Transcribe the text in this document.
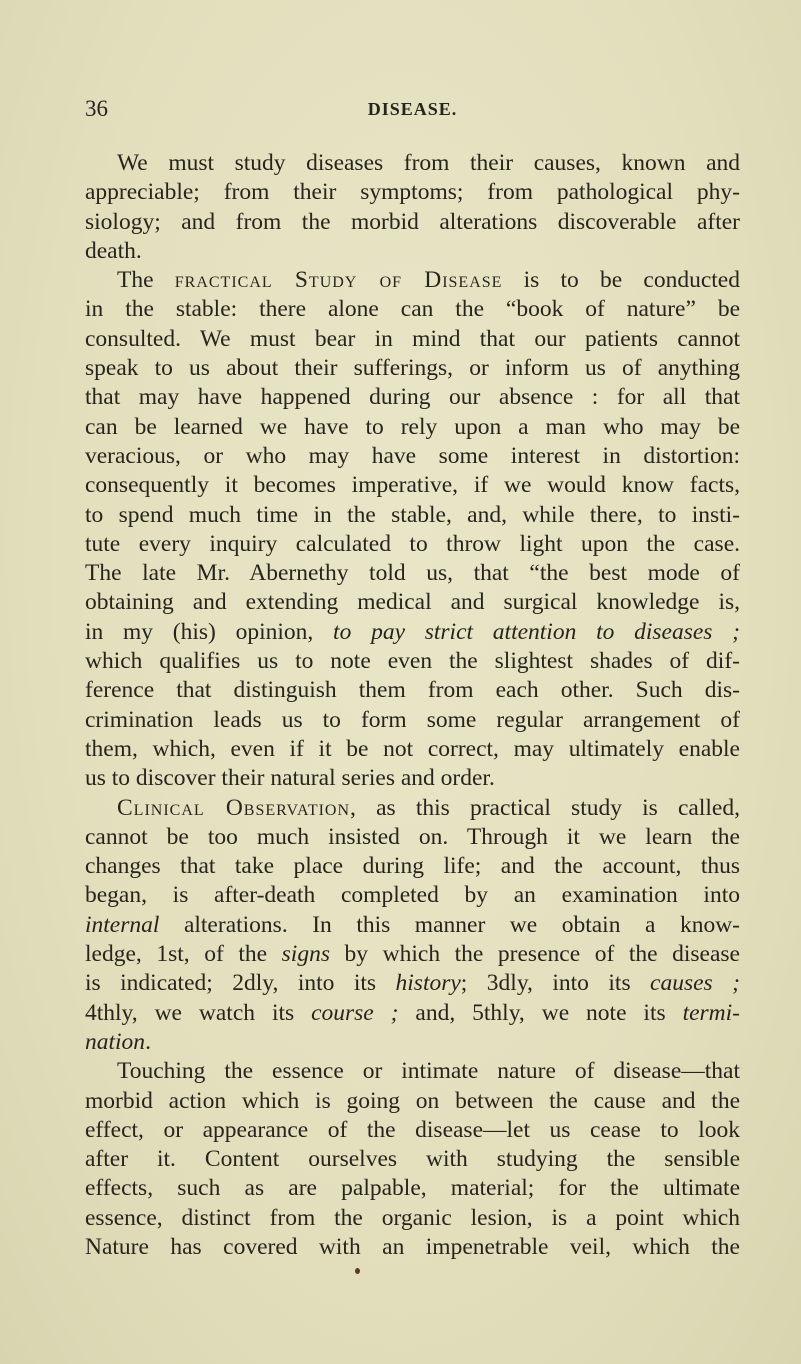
36	DISEASE.
We must study diseases from their causes, known and
appreciable; from their symptoms; from pathological phy-
siology; and from the morbid alterations discoverable after
death.
The fractical Study of Disease is to be conducted
in the stable: there alone can the “book of nature” be
consulted. We must bear in mind that our patients cannot
speak to us about their sufferings, or inform us of anything
that may have happened during our absence : for all that
can be learned we have to rely upon a man who may be
veracious, or who may have some interest in distortion:
consequently it becomes imperative, if we would know facts,
to spend much time in the stable, and, while there, to insti-
tute every inquiry calculated to throw light upon the case.
The late Mr. Abernethy told us, that “the best mode of
obtaining and extending medical and surgical knowledge is,
in my (his) opinion, to pay strict attention to diseases ;
which qualifies us to note even the slightest shades of dif-
ference that distinguish them from each other. Such dis-
crimination leads us to form some regular arrangement of
them, which, even if it be not correct, may ultimately enable
us to discover their natural series and order.
Clinical Observation, as this practical study is called,
cannot be too much insisted on. Through it we learn the
changes that take place during life; and the account, thus
began, is after-death completed by an examination into
internal alterations. In this manner we obtain a know-
ledge, 1st, of the signs by which the presence of the disease
is indicated; 2dly, into its history; 3dly, into its causes ;
4thly, we watch its course ; and, 5thly, we note its termi-
nation.
Touching the essence or intimate nature of disease—that
morbid action which is going on between the cause and the
effect, or appearance of the disease—let us cease to look
after it. Content ourselves with studying the sensible
effects, such as are palpable, material; for the ultimate
essence, distinct from the organic lesion, is a point which
Nature has covered with an impenetrable veil, which the
